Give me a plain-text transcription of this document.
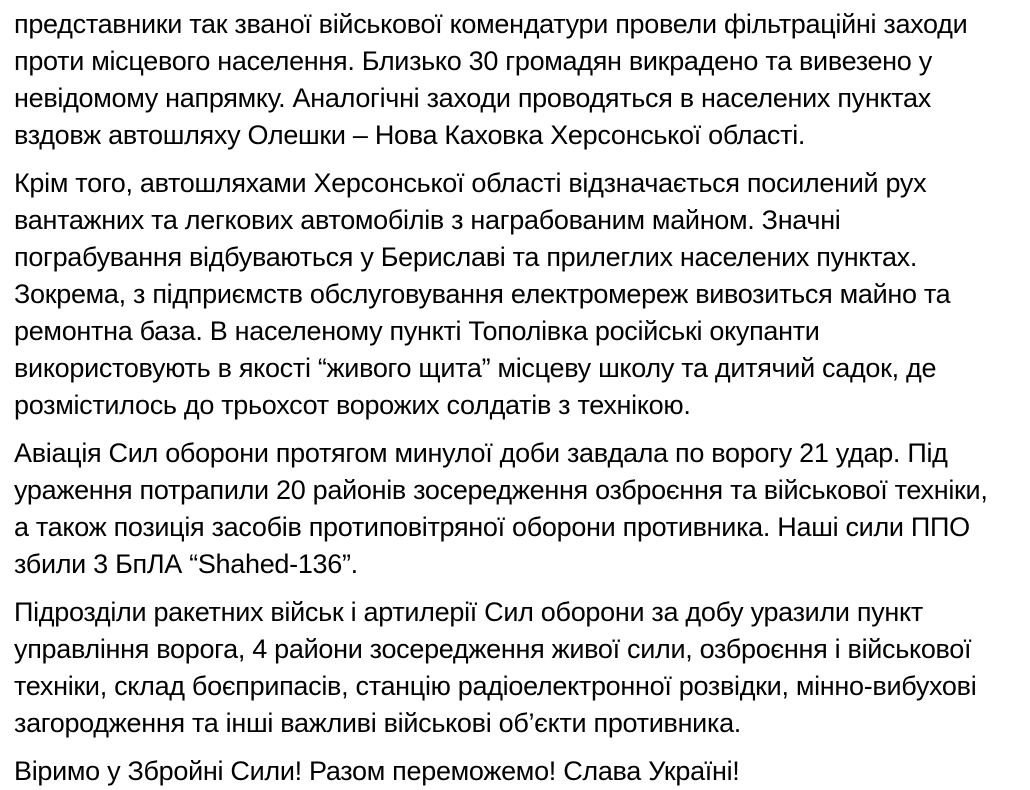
представники так званої військової комендатури провели фільтраційні заходи
проти місцевого населення. Близько 30 громадян викрадено та вивезено у
невідомому напрямку. Аналогічні заходи проводяться в населених пунктах
вздовж автошляху Олешки – Нова Каховка Херсонської області.
Крім того, автошляхами Херсонської області відзначається посилений рух
вантажних та легкових автомобілів з награбованим майном. Значні
пограбування відбуваються у Бериславі та прилеглих населених пунктах.
Зокрема, з підприємств обслуговування електромереж вивозиться майно та
ремонтна база. В населеному пункті Тополівка російські окупанти
використовують в якості “живого щита” місцеву школу та дитячий садок, де
розмістилось до трьохсот ворожих солдатів з технікою.
Авіація Сил оборони протягом минулої доби завдала по ворогу 21 удар. Під
ураження потрапили 20 районів зосередження озброєння та військової техніки,
а також позиція засобів протиповітряної оборони противника. Наші сили ППО
збили 3 БпЛА “Shahed-136”.
Підрозділи ракетних військ і артилерії Сил оборони за добу уразили пункт
управління ворога, 4 райони зосередження живої сили, озброєння і військової
техніки, склад боєприпасів, станцію радіоелектронної розвідки, мінно-вибухові
загородження та інші важливі військові об’єкти противника.
Віримо у Збройні Сили! Разом переможемо! Слава Україні!
